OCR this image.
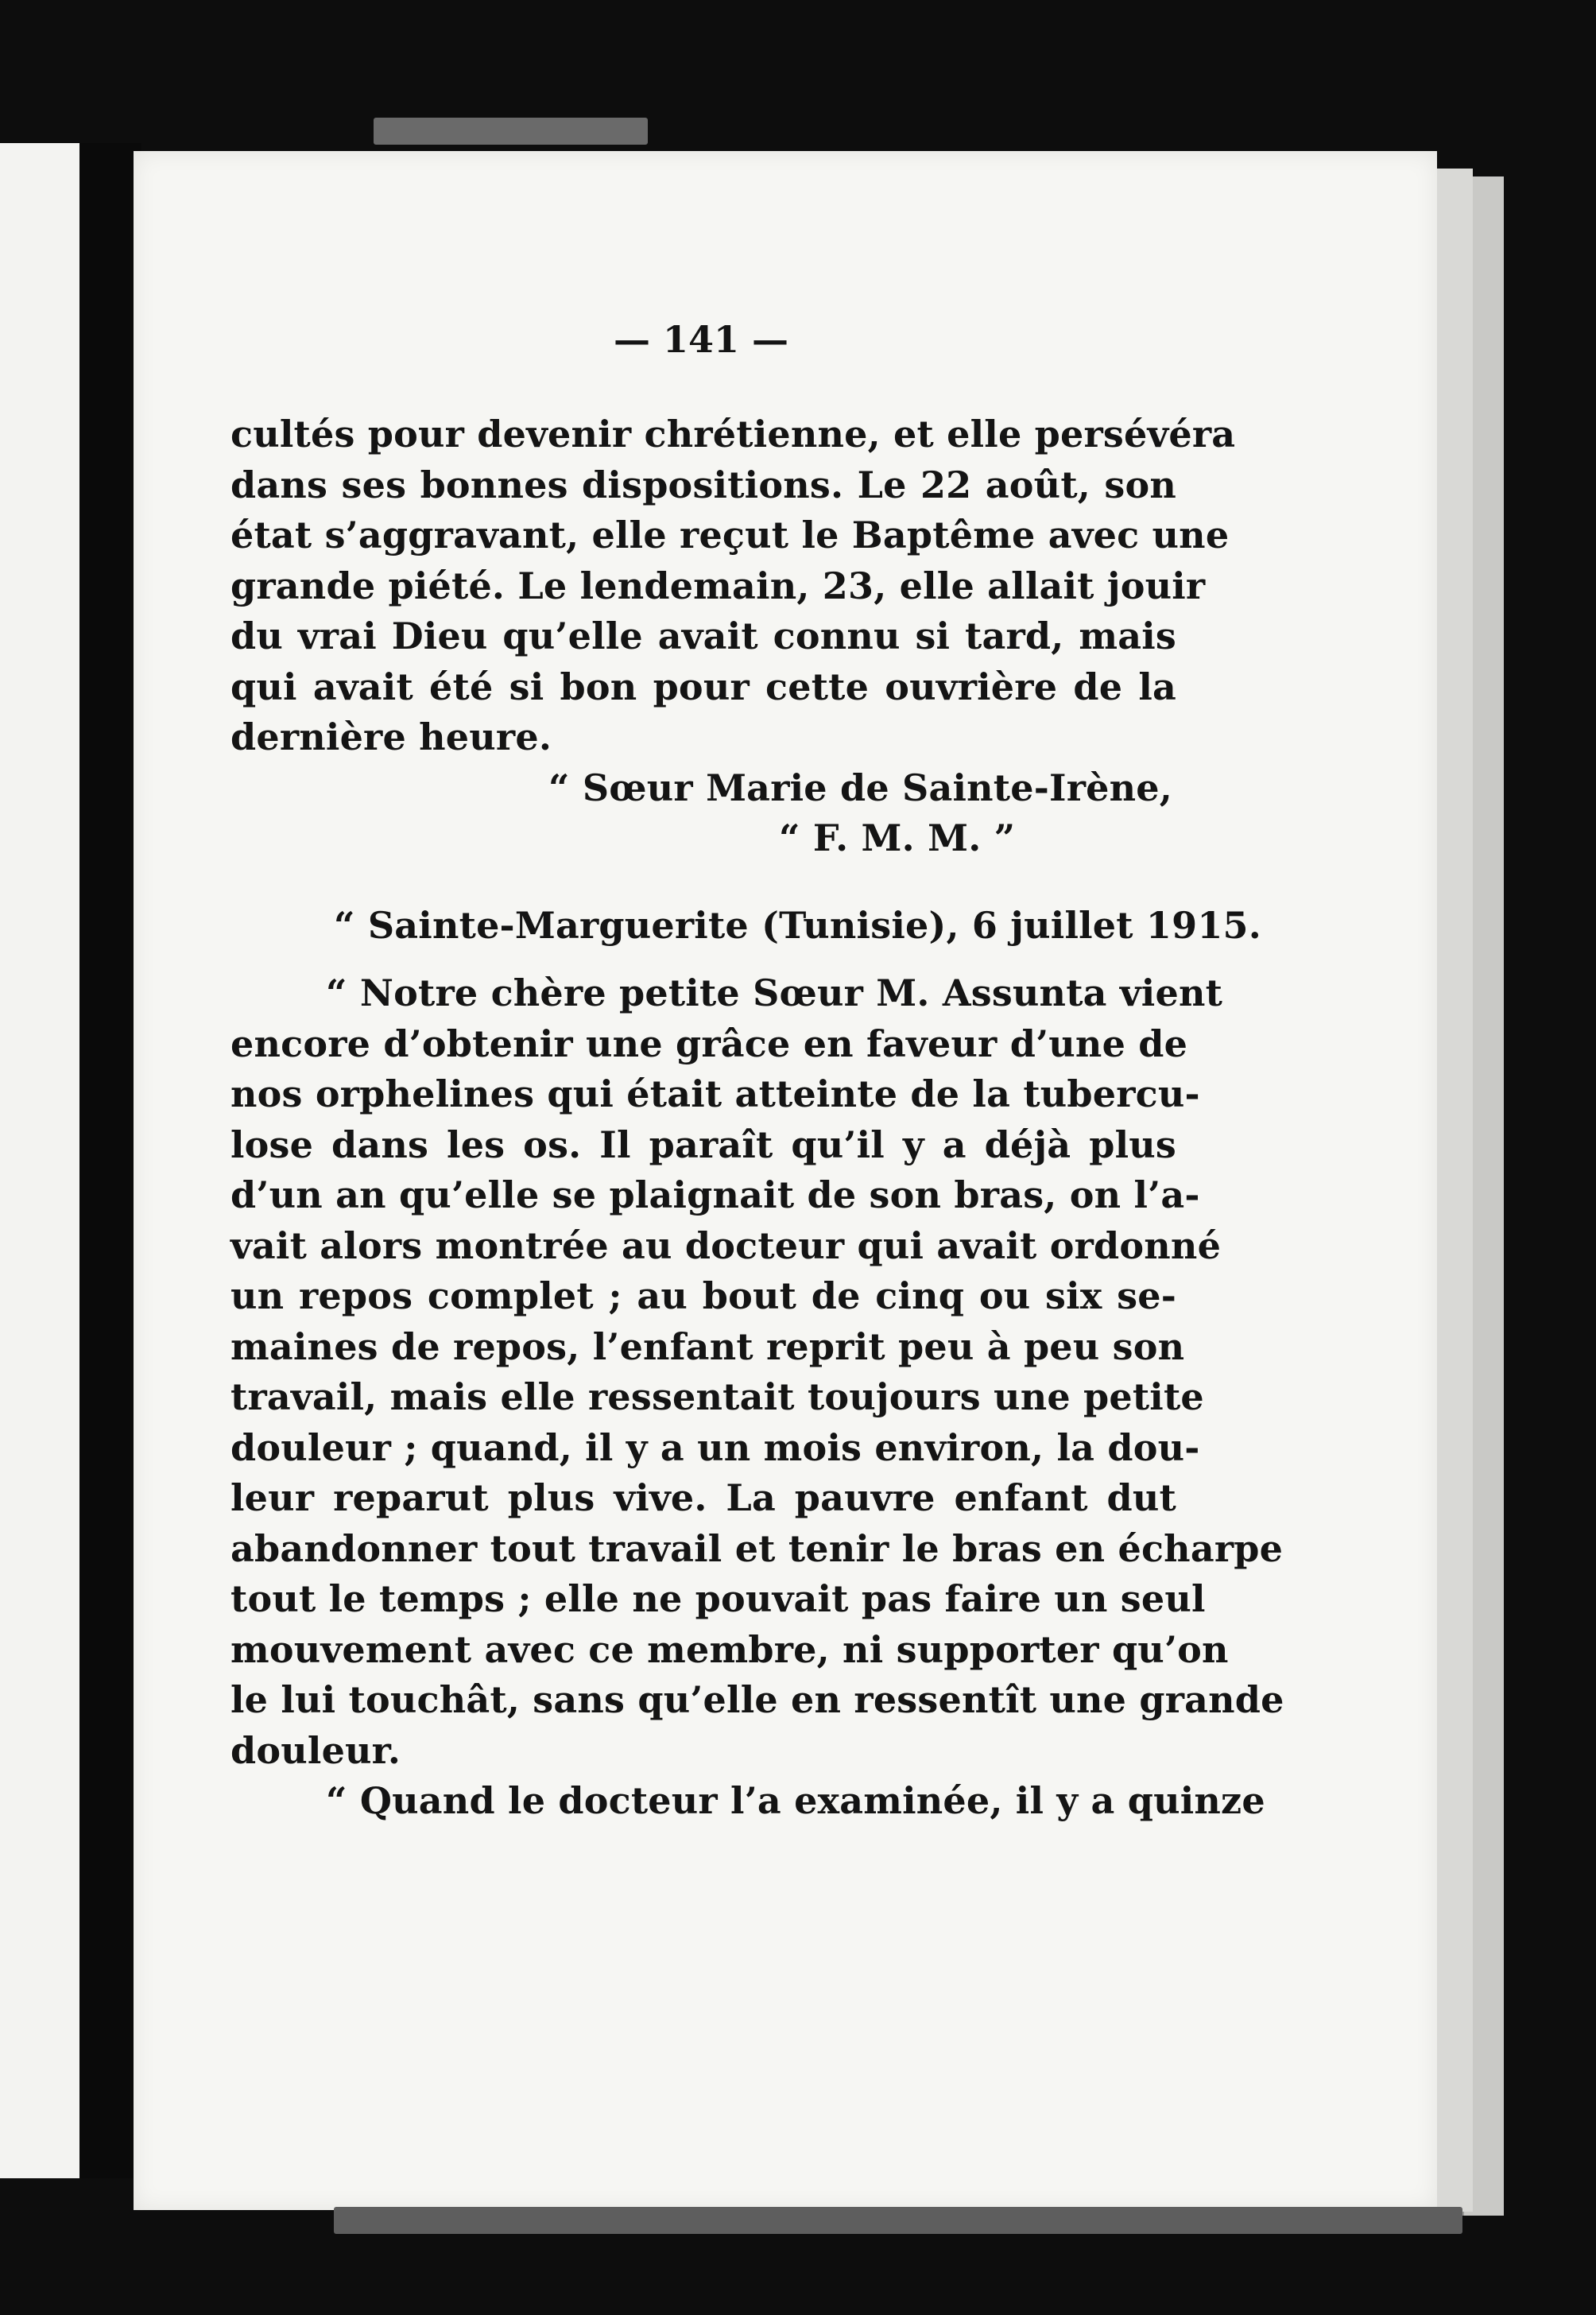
— 141 —
cultés pour devenir chrétienne, et elle persévéra
dans ses bonnes dispositions. Le 22 août, son
état s’aggravant, elle reçut le Baptême avec une
grande piété. Le lendemain, 23, elle allait jouir
du vrai Dieu qu’elle avait connu si tard, mais
qui avait été si bon pour cette ouvrière de la
dernière heure.
“ Sœur Marie de Sainte-Irène,
“ F. M. M. ”
“ Sainte-Marguerite (Tunisie), 6 juillet 1915.
“ Notre chère petite Sœur M. Assunta vient
encore d’obtenir une grâce en faveur d’une de
nos orphelines qui était atteinte de la tubercu-
lose dans les os. Il paraît qu’il y a déjà plus
d’un an qu’elle se plaignait de son bras, on l’a-
vait alors montrée au docteur qui avait ordonné
un repos complet ; au bout de cinq ou six se-
maines de repos, l’enfant reprit peu à peu son
travail, mais elle ressentait toujours une petite
douleur ; quand, il y a un mois environ, la dou-
leur reparut plus vive. La pauvre enfant dut
abandonner tout travail et tenir le bras en écharpe
tout le temps ; elle ne pouvait pas faire un seul
mouvement avec ce membre, ni supporter qu’on
le lui touchât, sans qu’elle en ressentît une grande
douleur.
“ Quand le docteur l’a examinée, il y a quinze
